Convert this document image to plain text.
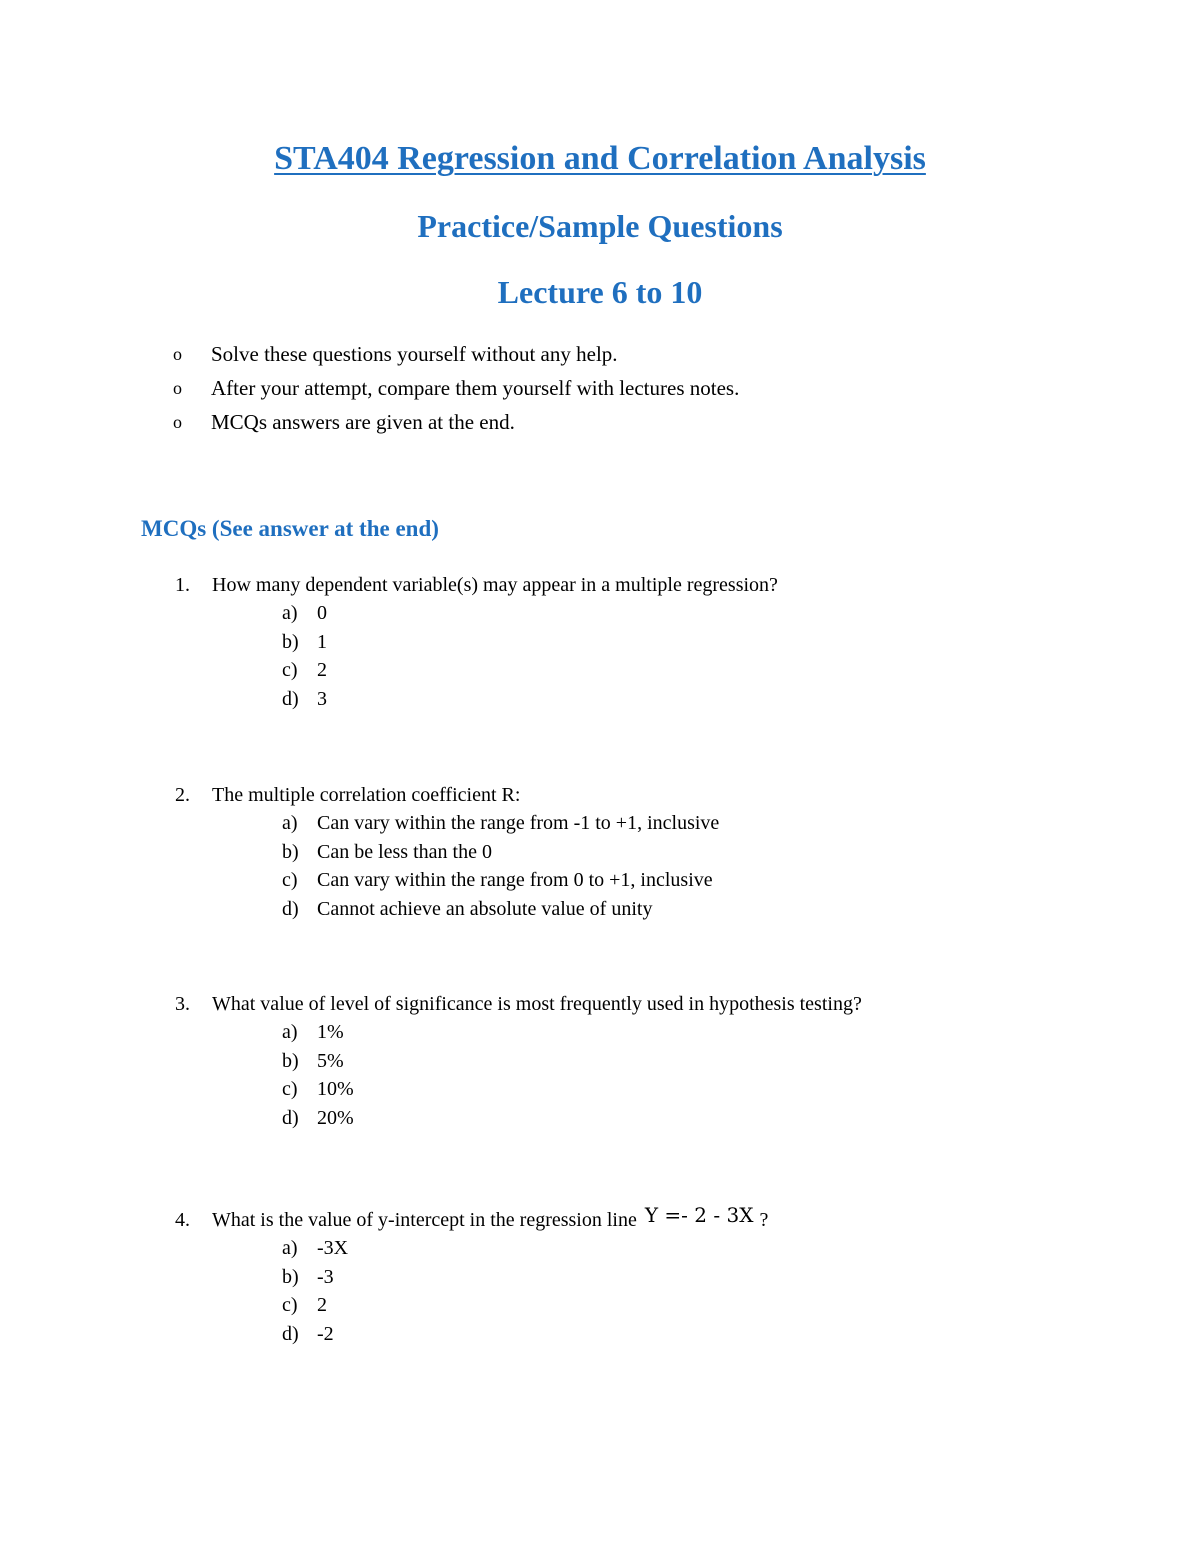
STA404 Regression and Correlation Analysis
Practice/Sample Questions
Lecture 6 to 10
o	Solve these questions yourself without any help.
o	After your attempt, compare them yourself with lectures notes.
o	MCQs answers are given at the end.
MCQs (See answer at the end)
1.	How many dependent variable(s) may appear in a multiple regression?
a) 0
b) 1
c) 2
d) 3
2.	The multiple correlation coefficient R:
a) Can vary within the range from -1 to +1, inclusive
b) Can be less than the 0
c) Can vary within the range from 0 to +1, inclusive
d) Cannot achieve an absolute value of unity
3.	What value of level of significance is most frequently used in hypothesis testing?
a) 1%
b) 5%
c) 10%
d) 20%
4.	What is the value of y-intercept in the regression line Y =- 2 - 3X ?
a) -3X
b) -3
c) 2
d) -2
